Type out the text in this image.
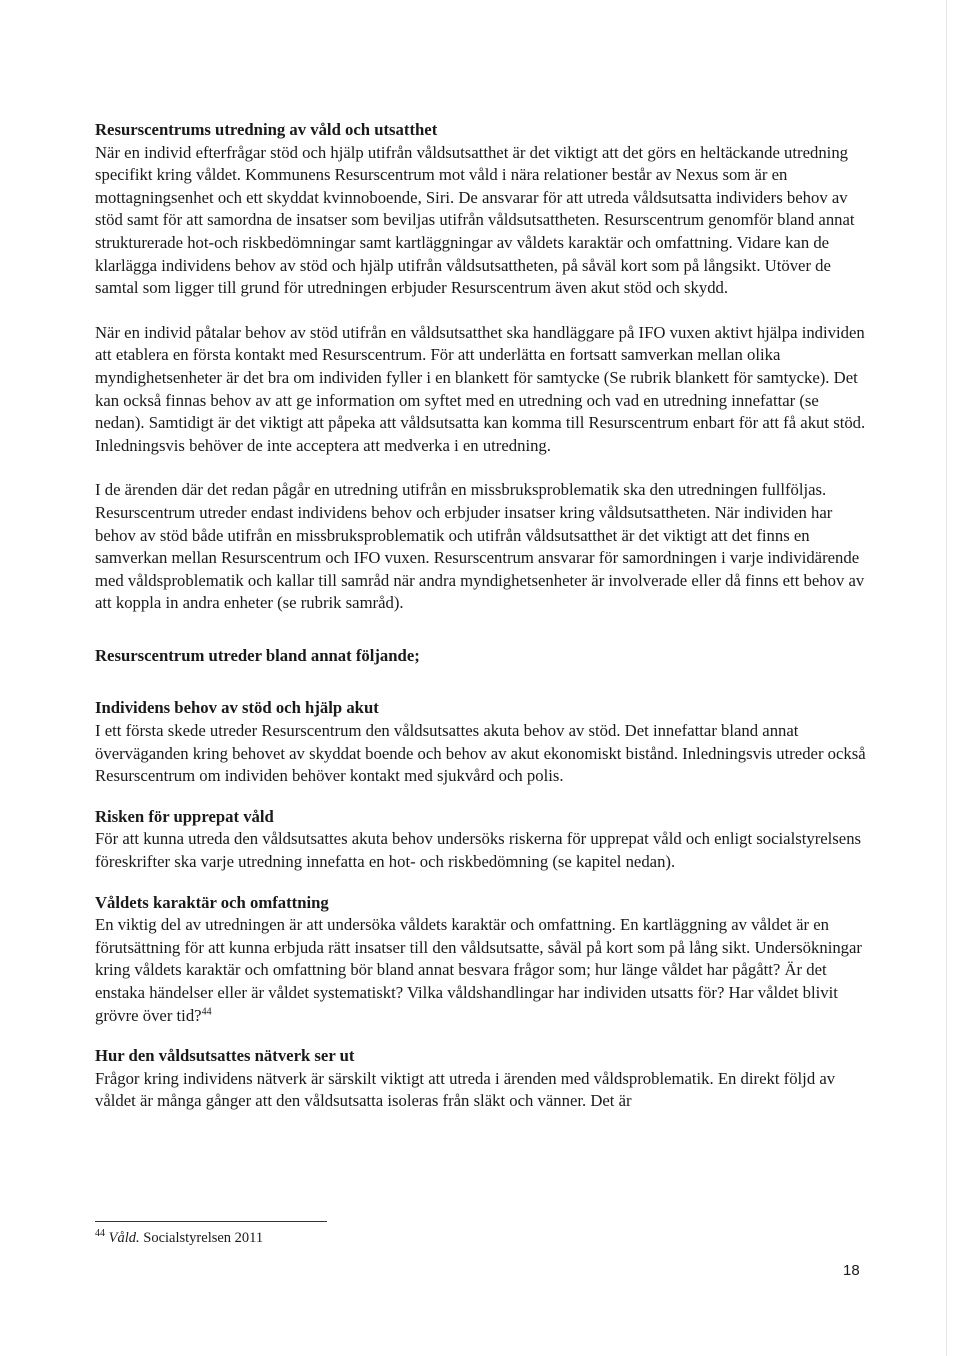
Resurscentrums utredning av våld och utsatthet

När en individ efterfrågar stöd och hjälp utifrån våldsutsatthet är det viktigt att det görs en heltäckande utredning specifikt kring våldet. Kommunens Resurscentrum mot våld i nära relationer består av Nexus som är en mottagningsenhet och ett skyddat kvinnoboende, Siri. De ansvarar för att utreda våldsutsatta individers behov av stöd samt för att samordna de insatser som beviljas utifrån våldsutsattheten. Resurscentrum genomför bland annat strukturerade hot-och riskbedömningar samt kartläggningar av våldets karaktär och omfattning. Vidare kan de klarlägga individens behov av stöd och hjälp utifrån våldsutsattheten, på såväl kort som på långsikt. Utöver de samtal som ligger till grund för utredningen erbjuder Resurscentrum även akut stöd och skydd.

När en individ påtalar behov av stöd utifrån en våldsutsatthet ska handläggare på IFO vuxen aktivt hjälpa individen att etablera en första kontakt med Resurscentrum. För att underlätta en fortsatt samverkan mellan olika myndighetsenheter är det bra om individen fyller i en blankett för samtycke (Se rubrik blankett för samtycke). Det kan också finnas behov av att ge information om syftet med en utredning och vad en utredning innefattar (se nedan). Samtidigt är det viktigt att påpeka att våldsutsatta kan komma till Resurscentrum enbart för att få akut stöd. Inledningsvis behöver de inte acceptera att medverka i en utredning.

I de ärenden där det redan pågår en utredning utifrån en missbruksproblematik ska den utredningen fullföljas. Resurscentrum utreder endast individens behov och erbjuder insatser kring våldsutsattheten. När individen har behov av stöd både utifrån en missbruksproblematik och utifrån våldsutsatthet är det viktigt att det finns en samverkan mellan Resurscentrum och IFO vuxen. Resurscentrum ansvarar för samordningen i varje individärende med våldsproblematik och kallar till samråd när andra myndighetsenheter är involverade eller då finns ett behov av att koppla in andra enheter (se rubrik samråd).

Resurscentrum utreder bland annat följande;

Individens behov av stöd och hjälp akut

I ett första skede utreder Resurscentrum den våldsutsattes akuta behov av stöd. Det innefattar bland annat överväganden kring behovet av skyddat boende och behov av akut ekonomiskt bistånd. Inledningsvis utreder också Resurscentrum om individen behöver kontakt med sjukvård och polis.

Risken för upprepat våld

För att kunna utreda den våldsutsattes akuta behov undersöks riskerna för upprepat våld och enligt socialstyrelsens föreskrifter ska varje utredning innefatta en hot- och riskbedömning (se kapitel nedan).

Våldets karaktär och omfattning

En viktig del av utredningen är att undersöka våldets karaktär och omfattning. En kartläggning av våldet är en förutsättning för att kunna erbjuda rätt insatser till den våldsutsatte, såväl på kort som på lång sikt. Undersökningar kring våldets karaktär och omfattning bör bland annat besvara frågor som; hur länge våldet har pågått? Är det enstaka händelser eller är våldet systematiskt? Vilka våldshandlingar har individen utsatts för? Har våldet blivit grövre över tid?$^{44}$

Hur den våldsutsattes nätverk ser ut

Frågor kring individens nätverk är särskilt viktigt att utreda i ärenden med våldsproblematik. En direkt följd av våldet är många gånger att den våldsutsatta isoleras från släkt och vänner. Det är

$^{44}$ Våld. Socialstyrelsen 2011
18
